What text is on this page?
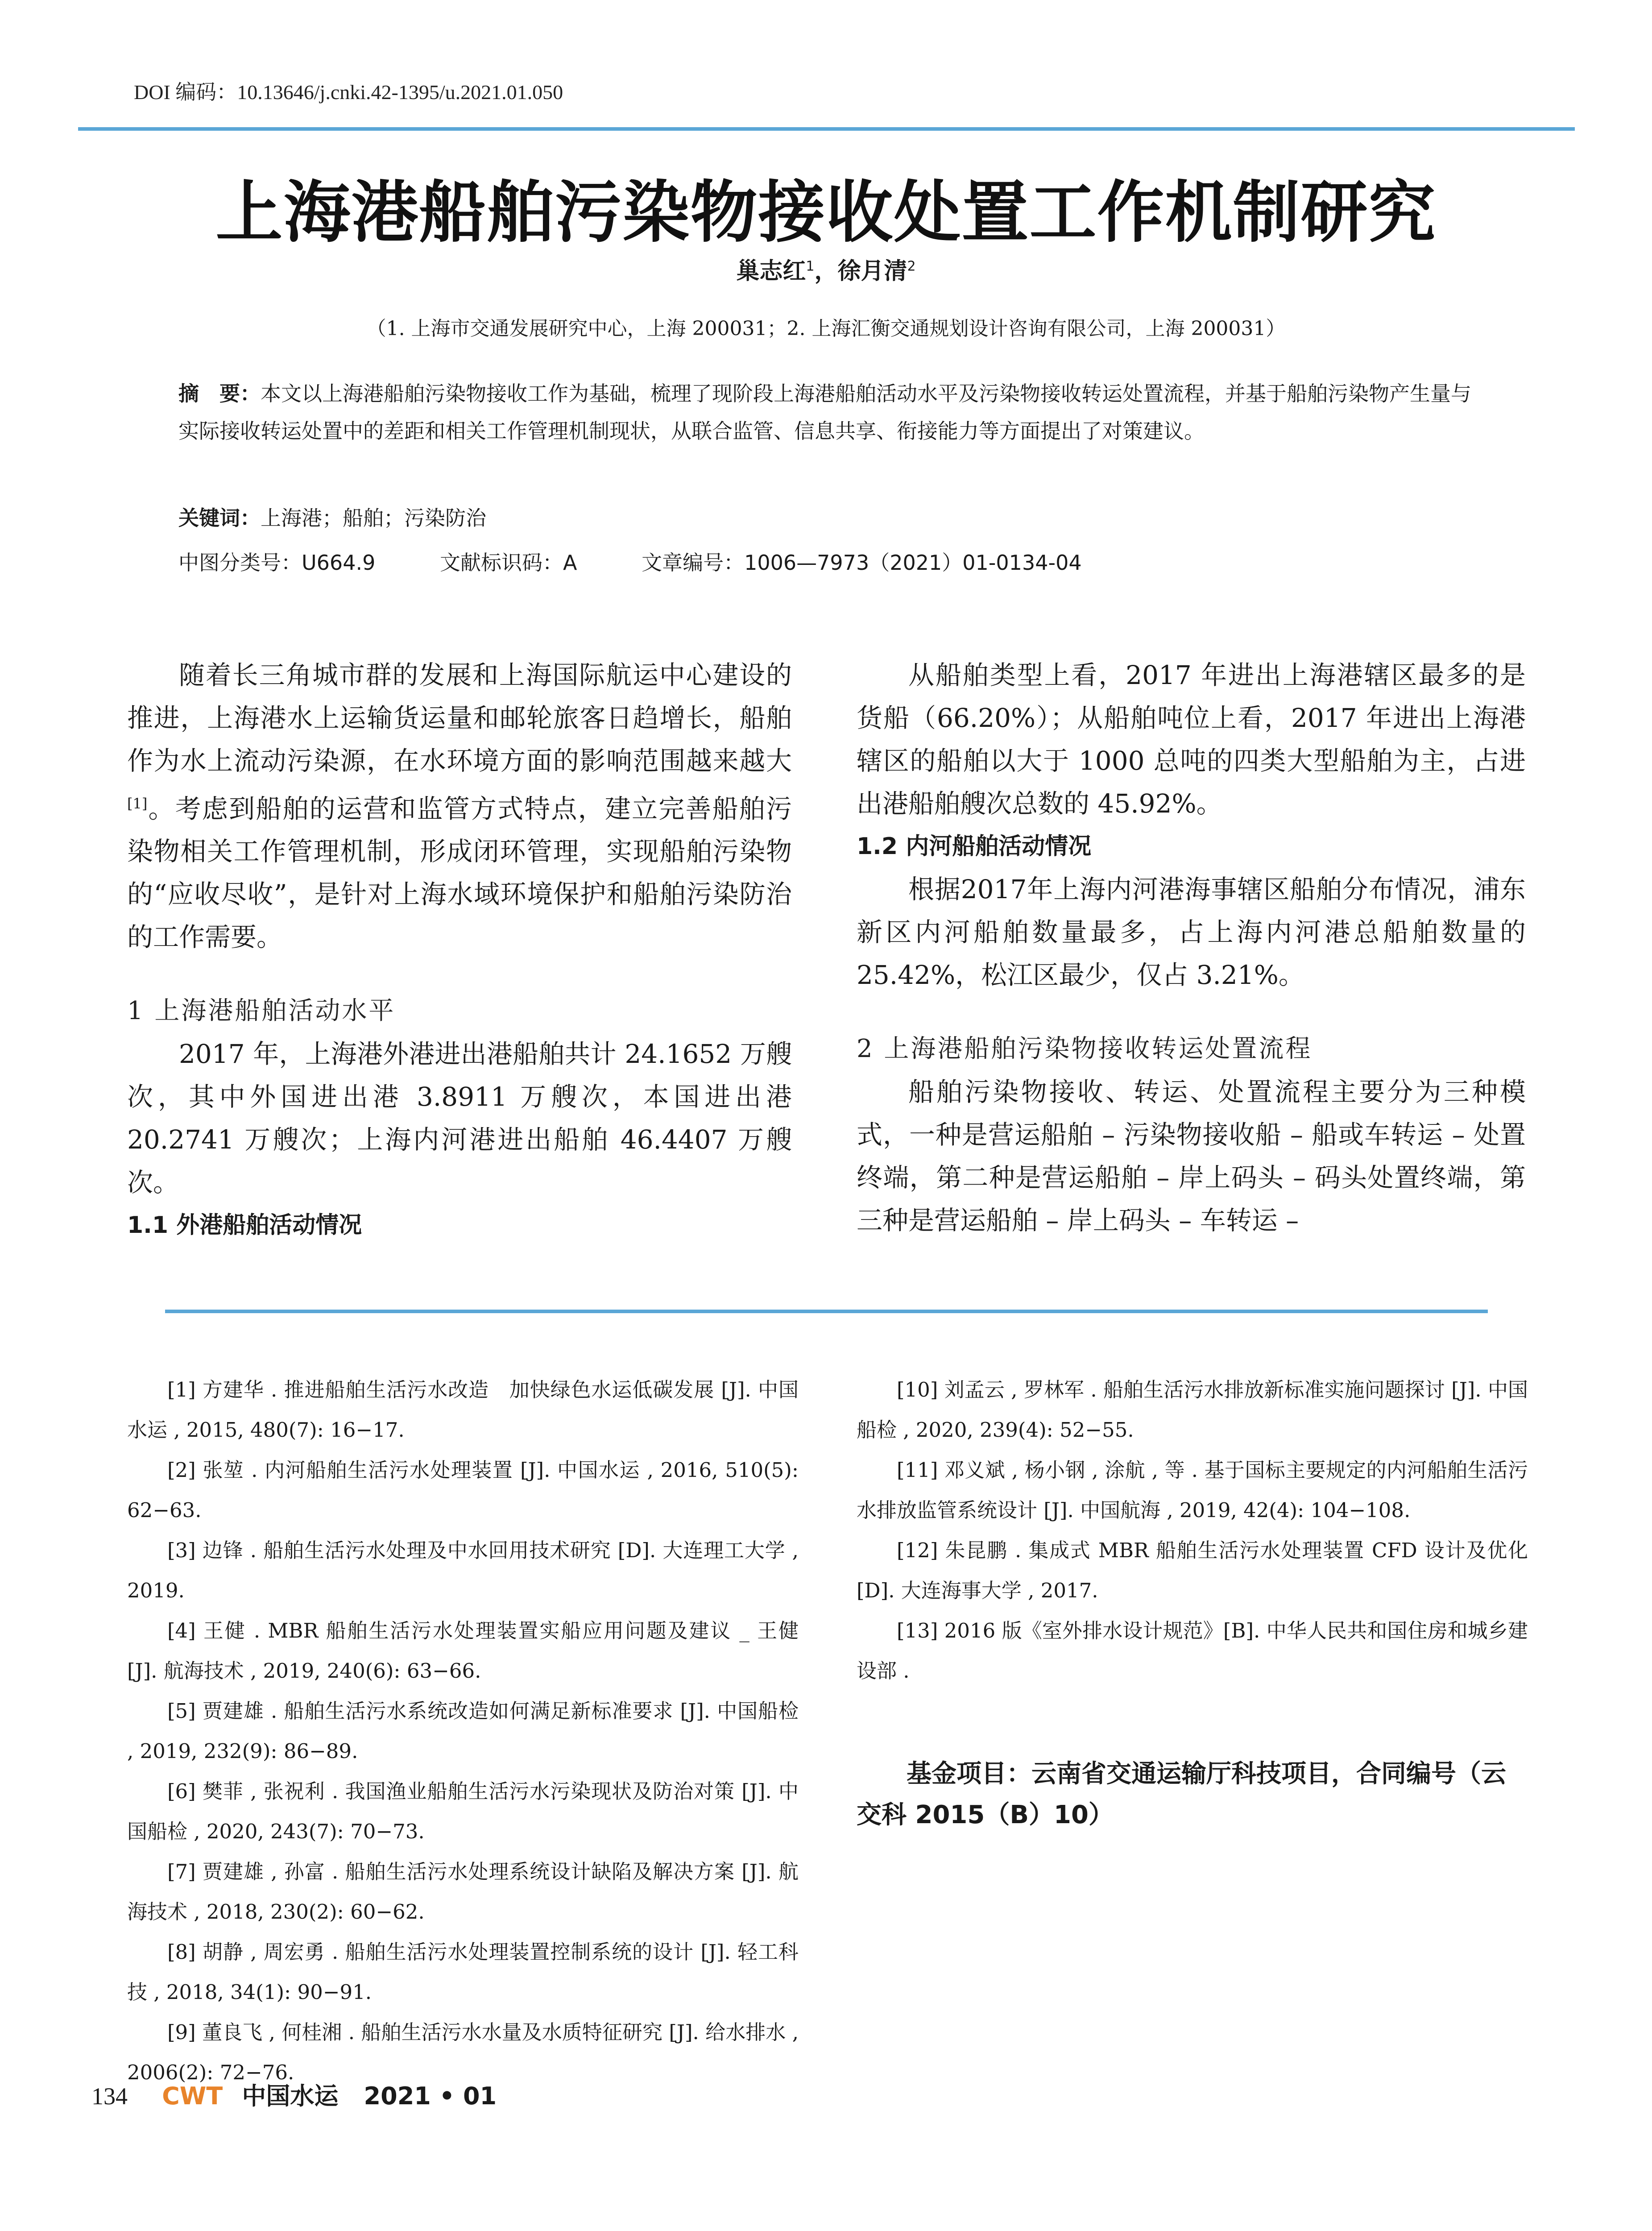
DOI 编码：10.13646/j.cnki.42-1395/u.2021.01.050
上海港船舶污染物接收处置工作机制研究
巢志红$^1$，徐月清$^2$
（1. 上海市交通发展研究中心，上海 200031；2. 上海汇衡交通规划设计咨询有限公司，上海 200031）
摘　要：本文以上海港船舶污染物接收工作为基础，梳理了现阶段上海港船舶活动水平及污染物接收转运处置流程，并基于船舶污染物产生量与实际接收转运处置中的差距和相关工作管理机制现状，从联合监管、信息共享、衔接能力等方面提出了对策建议。
关键词：上海港；船舶；污染防治
中图分类号：U664.9	文献标识码：A	文章编号：1006—7973（2021）01-0134-04

随着长三角城市群的发展和上海国际航运中心建设的推进，上海港水上运输货运量和邮轮旅客日趋增长，船舶作为水上流动污染源，在水环境方面的影响范围越来越大[1]。考虑到船舶的运营和监管方式特点，建立完善船舶污染物相关工作管理机制，形成闭环管理，实现船舶污染物的“应收尽收”，是针对上海水域环境保护和船舶污染防治的工作需要。

1 上海港船舶活动水平

2017 年，上海港外港进出港船舶共计 24.1652 万艘次，其中外国进出港 3.8911 万艘次，本国进出港 20.2741 万艘次；上海内河港进出船舶 46.4407 万艘次。

1.1 外港船舶活动情况

从船舶类型上看，2017 年进出上海港辖区最多的是货船（66.20%）；从船舶吨位上看，2017 年进出上海港辖区的船舶以大于 1000 总吨的四类大型船舶为主，占进出港船舶艘次总数的 45.92%。

1.2 内河船舶活动情况

根据2017年上海内河港海事辖区船舶分布情况，浦东新区内河船舶数量最多，占上海内河港总船舶数量的 25.42%，松江区最少，仅占 3.21%。

2 上海港船舶污染物接收转运处置流程

船舶污染物接收、转运、处置流程主要分为三种模式，一种是营运船舶 – 污染物接收船 – 船或车转运 – 处置终端，第二种是营运船舶 – 岸上码头 – 码头处置终端，第三种是营运船舶 – 岸上码头 – 车转运 –

[1] 方建华 . 推进船舶生活污水改造　加快绿色水运低碳发展 [J]. 中国水运 , 2015, 480(7): 16−17.

[2] 张堃 . 内河船舶生活污水处理装置 [J]. 中国水运 , 2016, 510(5): 62−63.

[3] 边锋 . 船舶生活污水处理及中水回用技术研究 [D]. 大连理工大学 , 2019.

[4] 王健 . MBR 船舶生活污水处理装置实船应用问题及建议 _ 王健 [J]. 航海技术 , 2019, 240(6): 63−66.

[5] 贾建雄 . 船舶生活污水系统改造如何满足新标准要求 [J]. 中国船检 , 2019, 232(9): 86−89.

[6] 樊菲 , 张祝利 . 我国渔业船舶生活污水污染现状及防治对策 [J]. 中国船检 , 2020, 243(7): 70−73.

[7] 贾建雄 , 孙富 . 船舶生活污水处理系统设计缺陷及解决方案 [J]. 航海技术 , 2018, 230(2): 60−62.

[8] 胡静 , 周宏勇 . 船舶生活污水处理装置控制系统的设计 [J]. 轻工科技 , 2018, 34(1): 90−91.

[9] 董良飞 , 何桂湘 . 船舶生活污水水量及水质特征研究 [J]. 给水排水 , 2006(2): 72−76.

[10] 刘孟云 , 罗林军 . 船舶生活污水排放新标准实施问题探讨 [J]. 中国船检 , 2020, 239(4): 52−55.

[11] 邓义斌 , 杨小钢 , 涂航 , 等 . 基于国标主要规定的内河船舶生活污水排放监管系统设计 [J]. 中国航海 , 2019, 42(4): 104−108.

[12] 朱昆鹏 . 集成式 MBR 船舶生活污水处理装置 CFD 设计及优化 [D]. 大连海事大学 , 2017.

[13] 2016 版《室外排水设计规范》[B]. 中华人民共和国住房和城乡建设部 .

基金项目：云南省交通运输厅科技项目，合同编号（云交科 2015（B）10）
134 CWT 中国水运 2021 • 01
